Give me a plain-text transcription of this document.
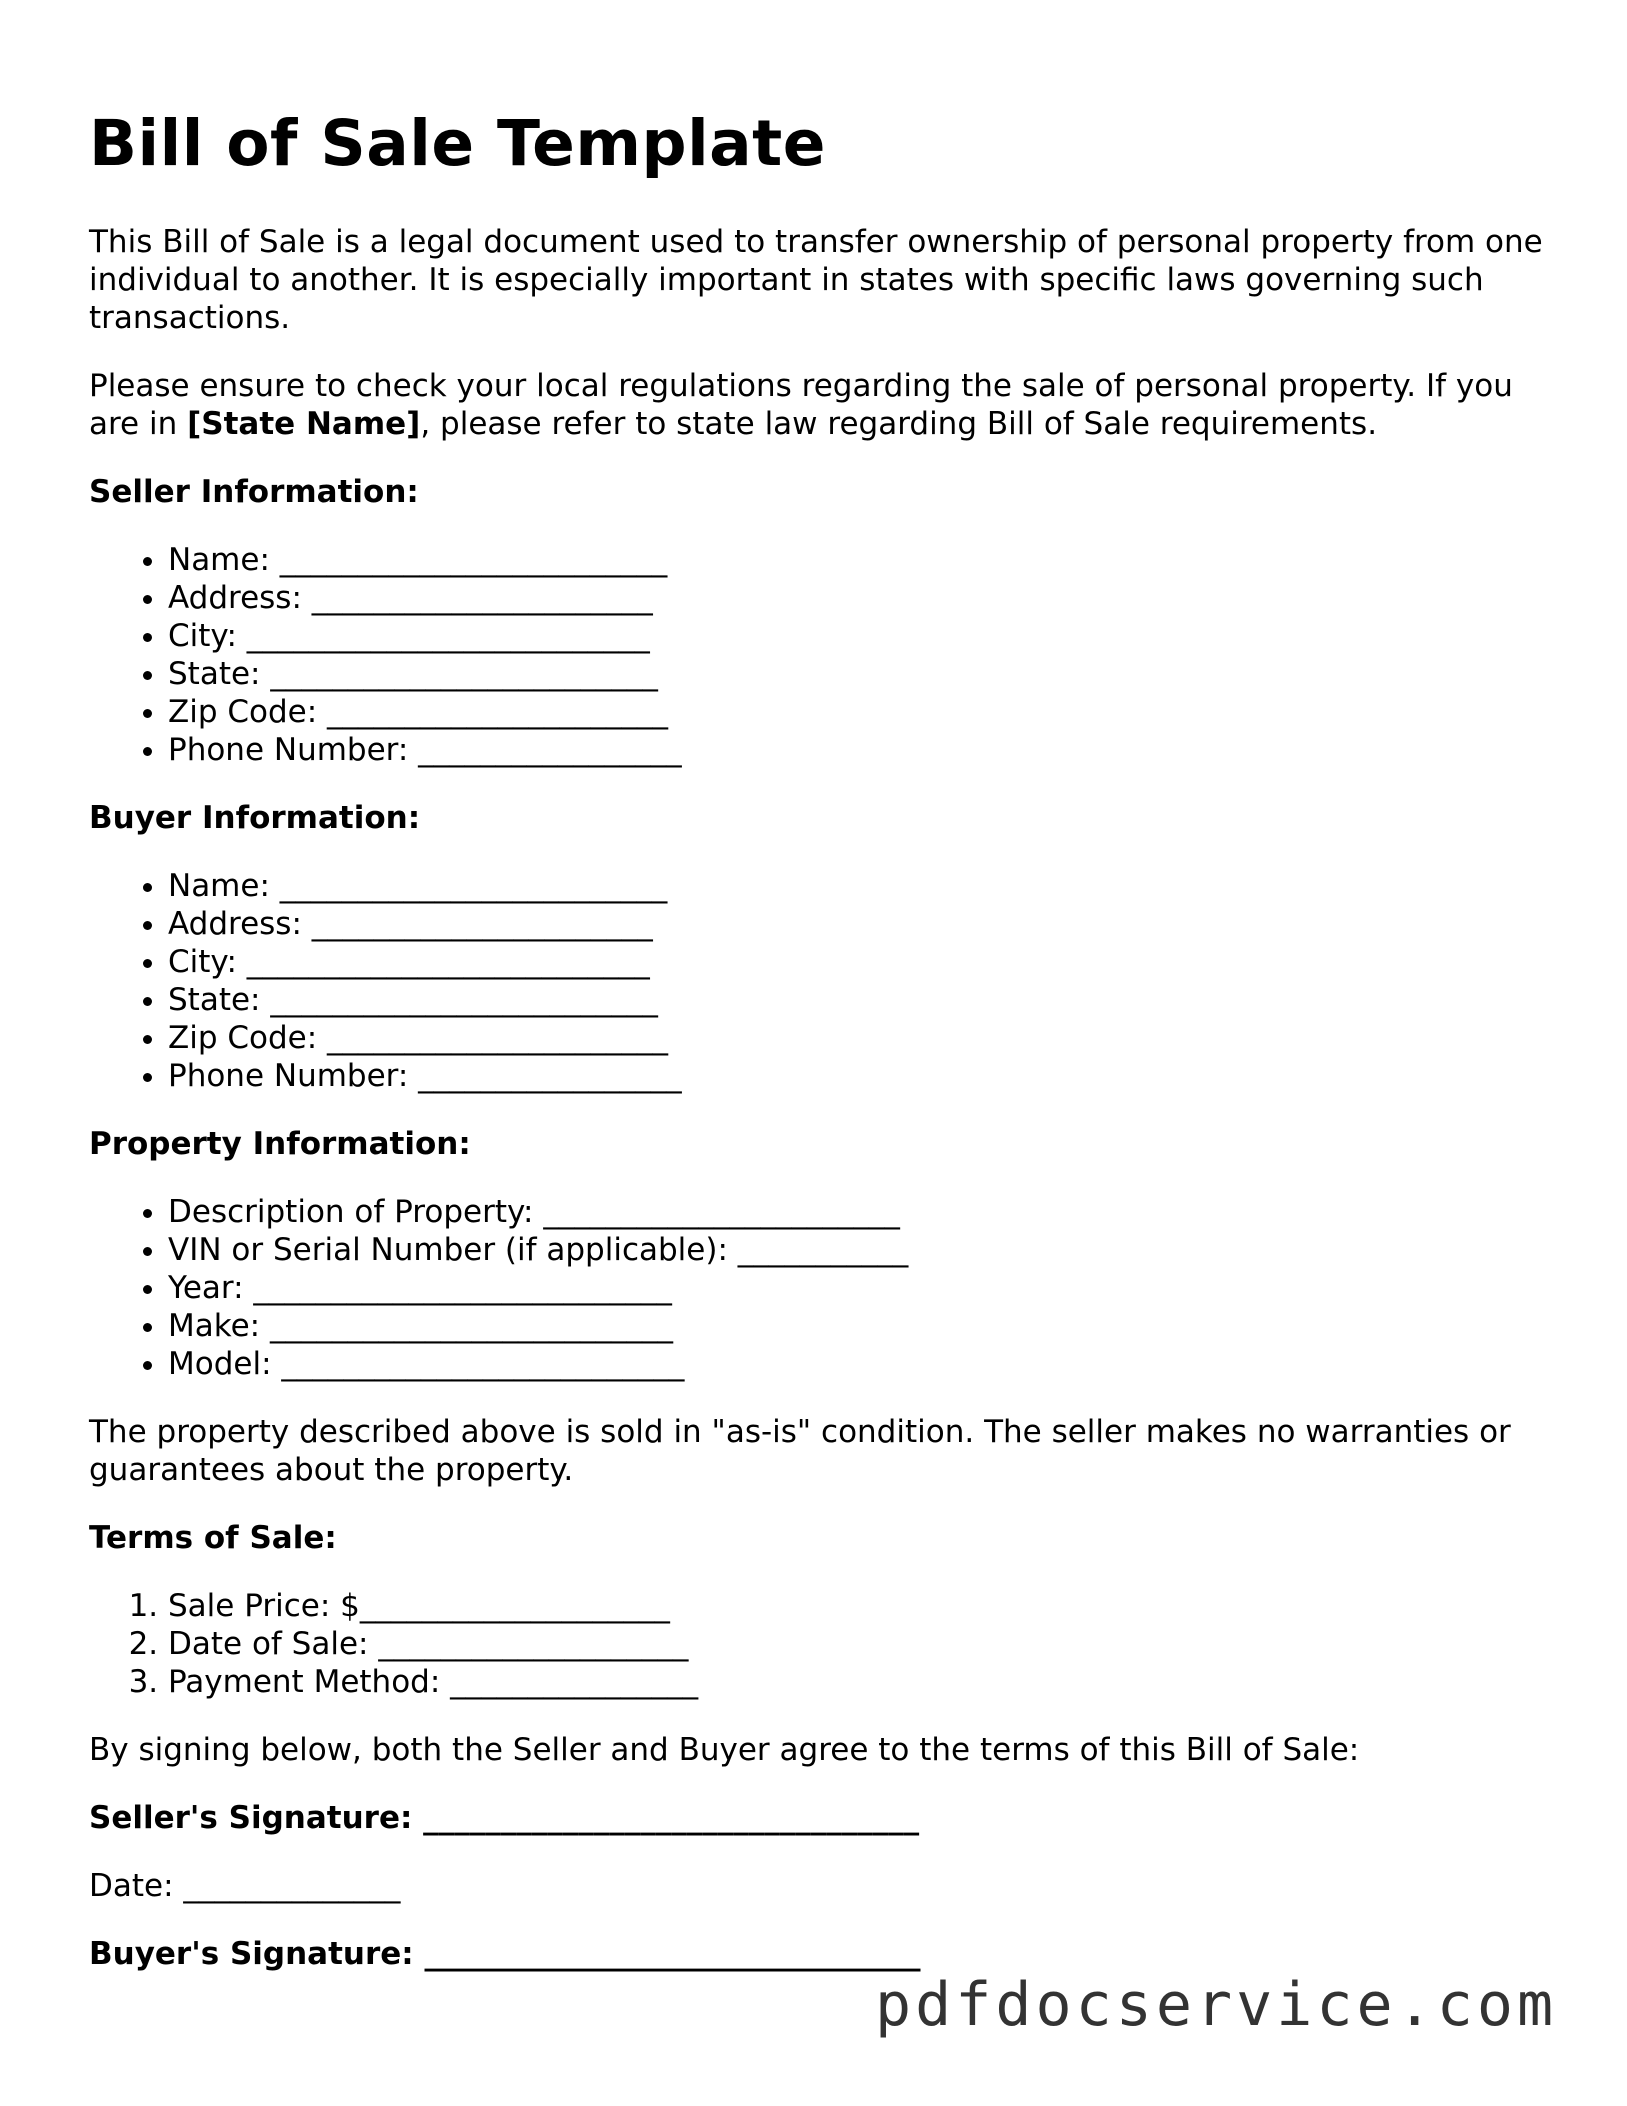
Bill of Sale Template

This Bill of Sale is a legal document used to transfer ownership of personal property from one individual to another. It is especially important in states with specific laws governing such transactions.

Please ensure to check your local regulations regarding the sale of personal property. If you are in [State Name], please refer to state law regarding Bill of Sale requirements.

Seller Information:

• Name: _________________________
• Address: ______________________
• City: __________________________
• State: _________________________
• Zip Code: ______________________
• Phone Number: _________________

Buyer Information:

• Name: _________________________
• Address: ______________________
• City: __________________________
• State: _________________________
• Zip Code: ______________________
• Phone Number: _________________

Property Information:

• Description of Property: _______________________
• VIN or Serial Number (if applicable): ___________
• Year: ___________________________
• Make: __________________________
• Model: __________________________

The property described above is sold in "as-is" condition. The seller makes no warranties or guarantees about the property.

Terms of Sale:

1. Sale Price: $____________________
2. Date of Sale: ____________________
3. Payment Method: ________________

By signing below, both the Seller and Buyer agree to the terms of this Bill of Sale:

Seller's Signature: ________________________________

Date: ______________

Buyer's Signature: ________________________________

pdfdocservice.com
